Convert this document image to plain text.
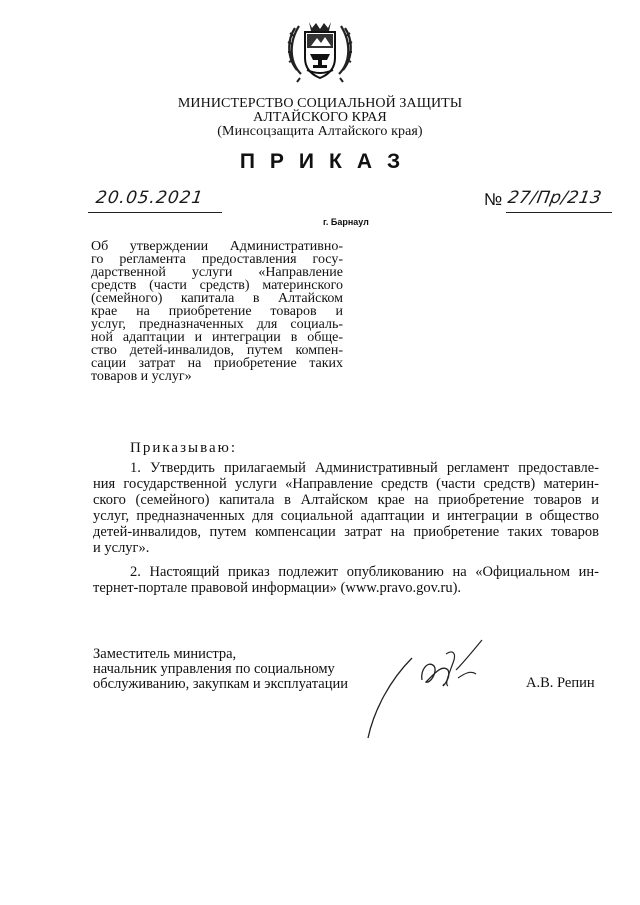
МИНИСТЕРСТВО СОЦИАЛЬНОЙ ЗАЩИТЫ
АЛТАЙСКОГО КРАЯ
(Минсоцзащита Алтайского края)
ПРИКАЗ
20.05.2021	№ 27/Пр/213
г. Барнаул
Об утверждении Административно-
го регламента предоставления госу-
дарственной услуги «Направление
средств (части средств) материнского
(семейного) капитала в Алтайском
крае на приобретение товаров и
услуг, предназначенных для социаль-
ной адаптации и интеграции в обще-
ство детей-инвалидов, путем компен-
сации затрат на приобретение таких
товаров и услуг»
Приказываю:
1. Утвердить прилагаемый Административный регламент предоставле-
ния государственной услуги «Направление средств (части средств) материн-
ского (семейного) капитала в Алтайском крае на приобретение товаров и
услуг, предназначенных для социальной адаптации и интеграции в общество
детей-инвалидов, путем компенсации затрат на приобретение таких товаров
и услуг».
2. Настоящий приказ подлежит опубликованию на «Официальном ин-
тернет-портале правовой информации» (www.pravo.gov.ru).
Заместитель министра,
начальник управления по социальному
обслуживанию, закупкам и эксплуатации	А.В. Репин
